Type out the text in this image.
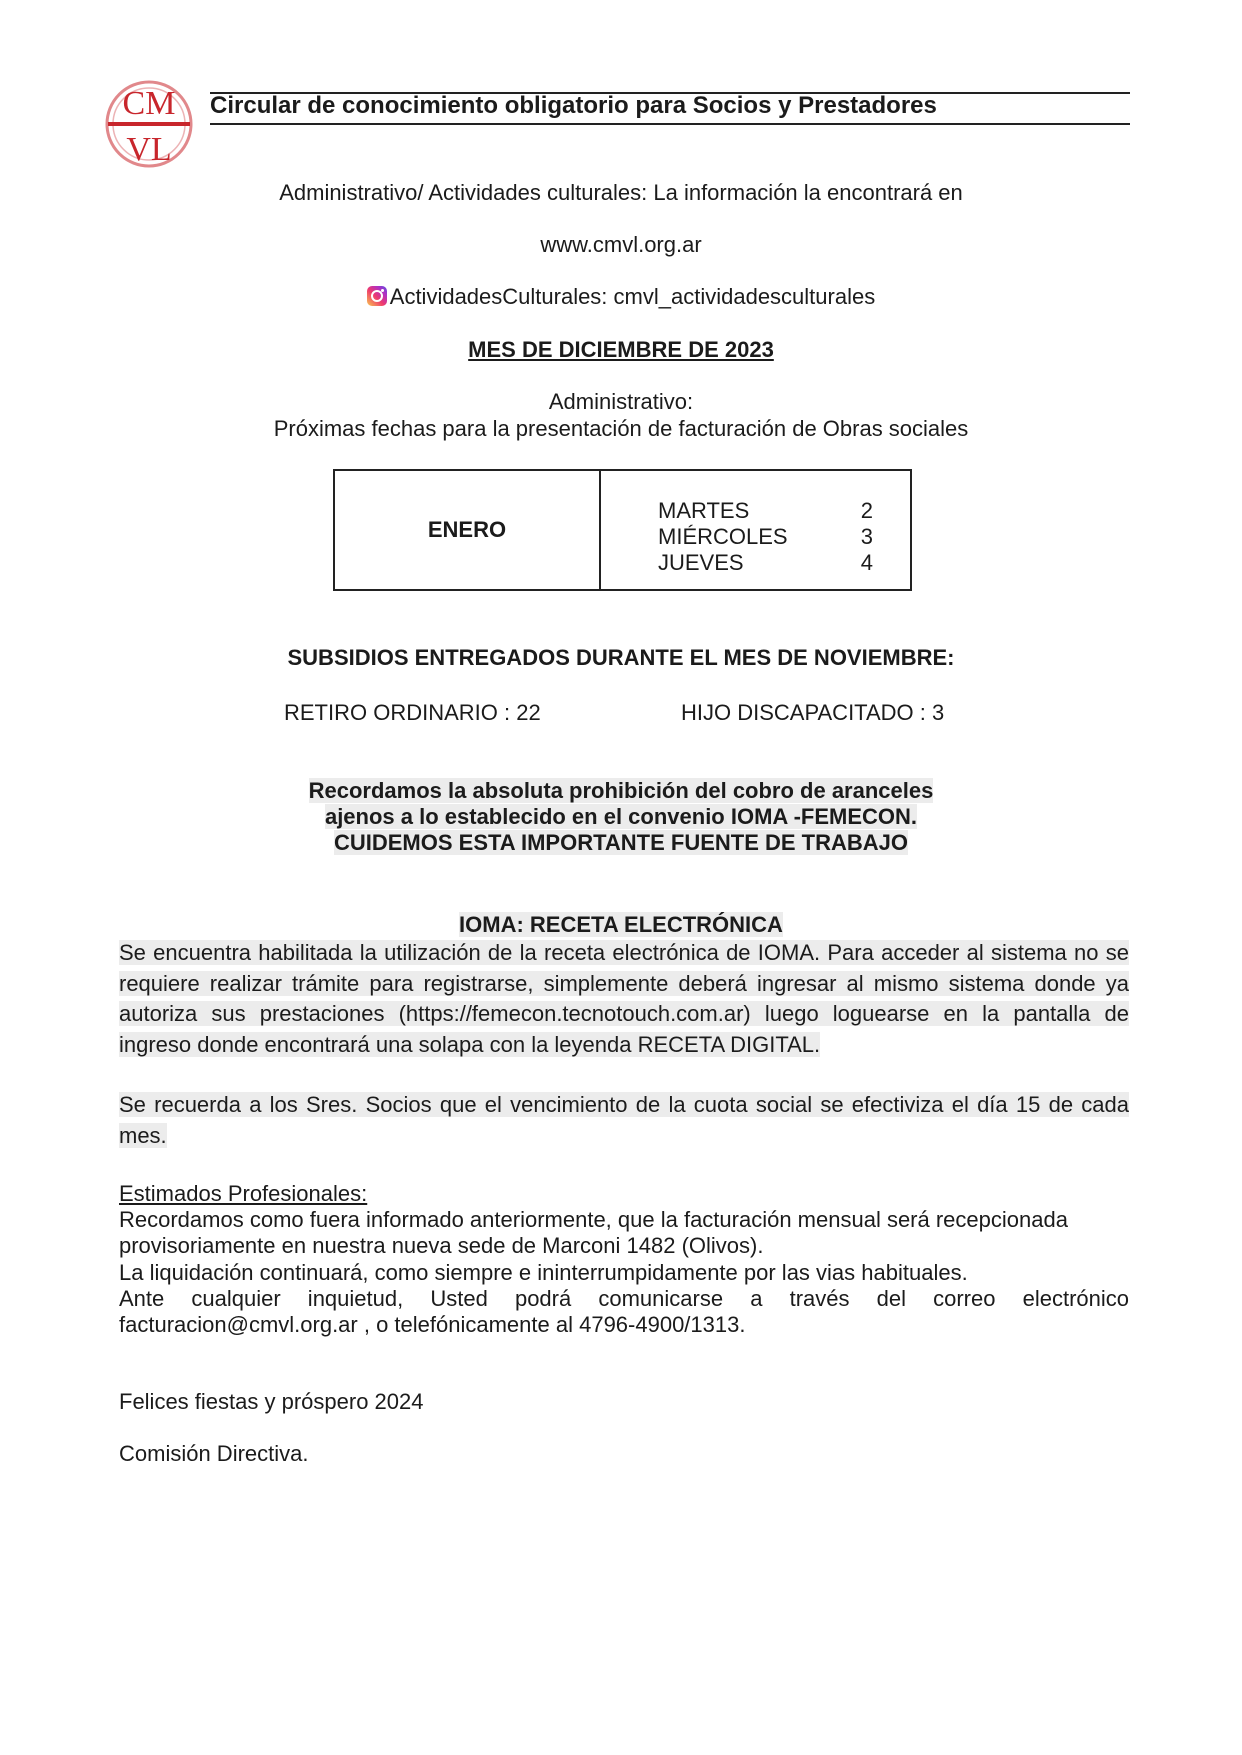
CM
VL
Circular de conocimiento obligatorio para Socios y Prestadores
Administrativo/ Actividades culturales: La información la encontrará en
www.cmvl.org.ar
ActividadesCulturales: cmvl_actividadesculturales
MES DE DICIEMBRE DE 2023
Administrativo:
Próximas fechas para la presentación de facturación de Obras sociales
ENERO
MARTES	2
MIÉRCOLES	3
JUEVES	4
SUBSIDIOS ENTREGADOS DURANTE EL MES DE NOVIEMBRE:
RETIRO ORDINARIO : 22	HIJO DISCAPACITADO : 3
Recordamos la absoluta prohibición del cobro de aranceles
ajenos a lo establecido en el convenio IOMA -FEMECON.
CUIDEMOS ESTA IMPORTANTE FUENTE DE TRABAJO
IOMA: RECETA ELECTRÓNICA
Se encuentra habilitada la utilización de la receta electrónica de IOMA. Para acceder al sistema no se requiere realizar trámite para registrarse, simplemente deberá ingresar al mismo sistema donde ya autoriza sus prestaciones (https://femecon.tecnotouch.com.ar) luego loguearse en la pantalla de ingreso donde encontrará una solapa con la leyenda RECETA DIGITAL.
Se recuerda a los Sres. Socios que el vencimiento de la cuota social se efectiviza el día 15 de cada mes.
Estimados Profesionales:
Recordamos como fuera informado anteriormente, que la facturación mensual será recepcionada
provisoriamente en nuestra nueva sede de Marconi 1482 (Olivos).
La liquidación continuará, como siempre e ininterrumpidamente por las vias habituales.
Ante cualquier inquietud, Usted podrá comunicarse a través del correo electrónico
facturacion@cmvl.org.ar , o telefónicamente al 4796-4900/1313.
Felices fiestas y próspero 2024
Comisión Directiva.
